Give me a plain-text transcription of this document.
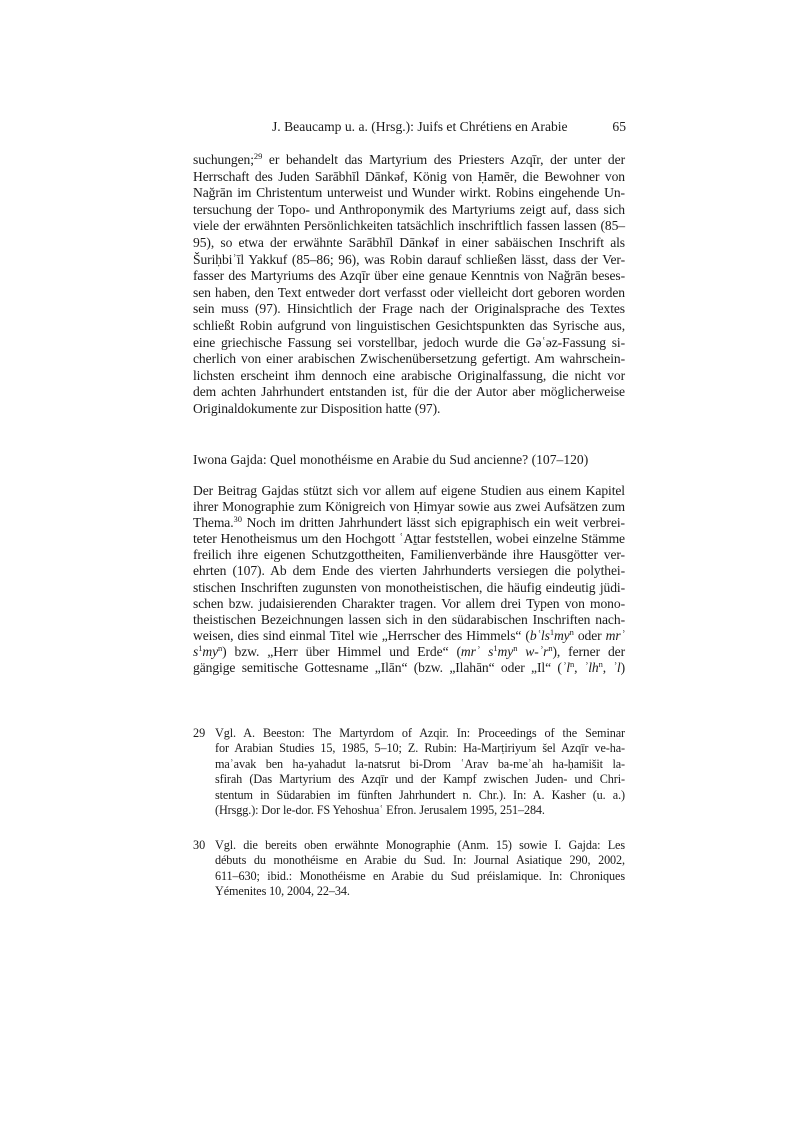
J. Beaucamp u. a. (Hrsg.): Juifs et Chrétiens en Arabie	65
suchungen;$^{29}$ er behandelt das Martyrium des Priesters Azqīr, der unter der
Herrschaft des Juden Sarābhīl Dānkəf, König von Ḥamēr, die Bewohner von
Nağrān im Christentum unterweist und Wunder wirkt. Robins eingehende Un-
tersuchung der Topo- und Anthroponymik des Martyriums zeigt auf, dass sich
viele der erwähnten Persönlichkeiten tatsächlich inschriftlich fassen lassen (85–
95), so etwa der erwähnte Sarābhīl Dānkəf in einer sabäischen Inschrift als
Šuriḥbiʾīl Yakkuf (85–86; 96), was Robin darauf schließen lässt, dass der Ver-
fasser des Martyriums des Azqīr über eine genaue Kenntnis von Nağrān beses-
sen haben, den Text entweder dort verfasst oder vielleicht dort geboren worden
sein muss (97). Hinsichtlich der Frage nach der Originalsprache des Textes
schließt Robin aufgrund von linguistischen Gesichtspunkten das Syrische aus,
eine griechische Fassung sei vorstellbar, jedoch wurde die Gəʿəz-Fassung si-
cherlich von einer arabischen Zwischenübersetzung gefertigt. Am wahrschein-
lichsten erscheint ihm dennoch eine arabische Originalfassung, die nicht vor
dem achten Jahrhundert entstanden ist, für die der Autor aber möglicherweise
Originaldokumente zur Disposition hatte (97).
Iwona Gajda: Quel monothéisme en Arabie du Sud ancienne? (107–120)
Der Beitrag Gajdas stützt sich vor allem auf eigene Studien aus einem Kapitel
ihrer Monographie zum Königreich von Ḥimyar sowie aus zwei Aufsätzen zum
Thema.$^{30}$ Noch im dritten Jahrhundert lässt sich epigraphisch ein weit verbrei-
teter Henotheismus um den Hochgott ʿAṯtar feststellen, wobei einzelne Stämme
freilich ihre eigenen Schutzgottheiten, Familienverbände ihre Hausgötter ver-
ehrten (107). Ab dem Ende des vierten Jahrhunderts versiegen die polythei-
stischen Inschriften zugunsten von monotheistischen, die häufig eindeutig jüdi-
schen bzw. judaisierenden Charakter tragen. Vor allem drei Typen von mono-
theistischen Bezeichnungen lassen sich in den südarabischen Inschriften nach-
weisen, dies sind einmal Titel wie „Herrscher des Himmels“ ($bʿls^1my^n$ oder mrʾ
$s^1my^n$) bzw. „Herr über Himmel und Erde“ (mrʾ $s^1my^n$ w-ʾr$^n$), ferner der
gängige semitische Gottesname „Ilān“ (bzw. „Ilahān“ oder „Il“ (ʾl$^n$, ʾlh$^n$, ʾl)
29 Vgl. A. Beeston: The Martyrdom of Azqir. In: Proceedings of the Seminar
for Arabian Studies 15, 1985, 5–10; Z. Rubin: Ha-Marṭiriyum šel Azqīr ve-ha-
maʾavak ben ha-yahadut la-natsrut bi-Drom ʿArav ba-meʾah ha-ḥamišit la-
sfirah (Das Martyrium des Azqīr und der Kampf zwischen Juden- und Chri-
stentum in Südarabien im fünften Jahrhundert n. Chr.). In: A. Kasher (u. a.)
(Hrsgg.): Dor le-dor. FS Yehoshuaʿ Efron. Jerusalem 1995, 251–284.
30 Vgl. die bereits oben erwähnte Monographie (Anm. 15) sowie I. Gajda: Les
débuts du monothéisme en Arabie du Sud. In: Journal Asiatique 290, 2002,
611–630; ibid.: Monothéisme en Arabie du Sud préislamique. In: Chroniques
Yémenites 10, 2004, 22–34.
